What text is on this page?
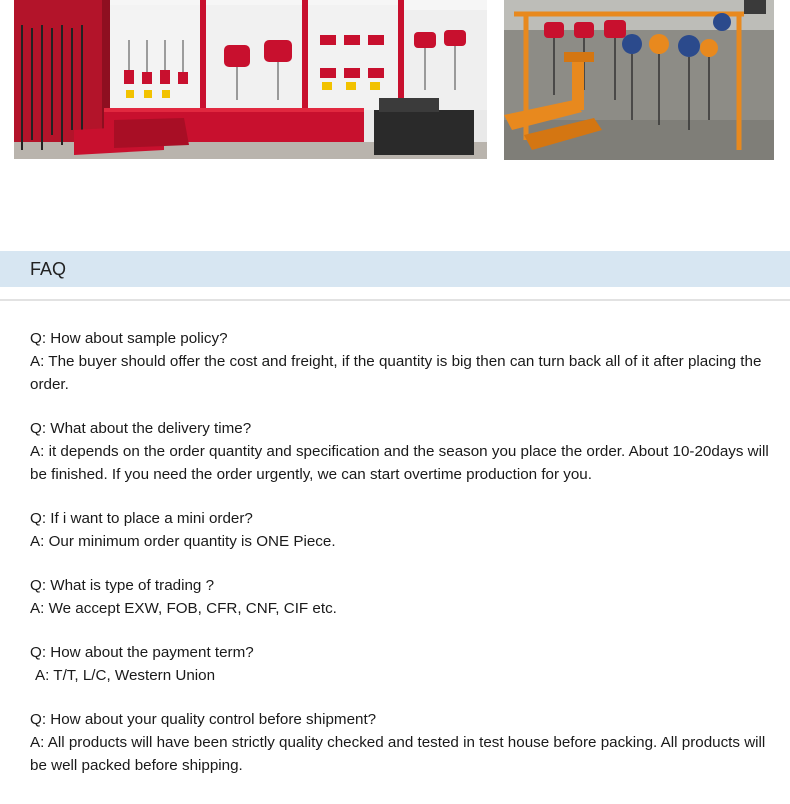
FAQ

Q: How about sample policy?

A: The buyer should offer the cost and freight, if the quantity is big then can turn back all of it after placing the order.

Q: What about the delivery time?

A: it depends on the order quantity and specification and the season you place the order. About 10-20days will be finished. If you need the order urgently, we can start overtime production for you.

Q: If i want to place a mini order?

A: Our minimum order quantity is ONE Piece.

Q: What is type of trading ?

A: We accept EXW, FOB, CFR, CNF, CIF etc.

Q: How about the payment term?

A: T/T, L/C, Western Union

Q: How about your quality control before shipment?

A: All products will have been strictly quality checked and tested in test house before packing. All products will be well packed before shipping.
